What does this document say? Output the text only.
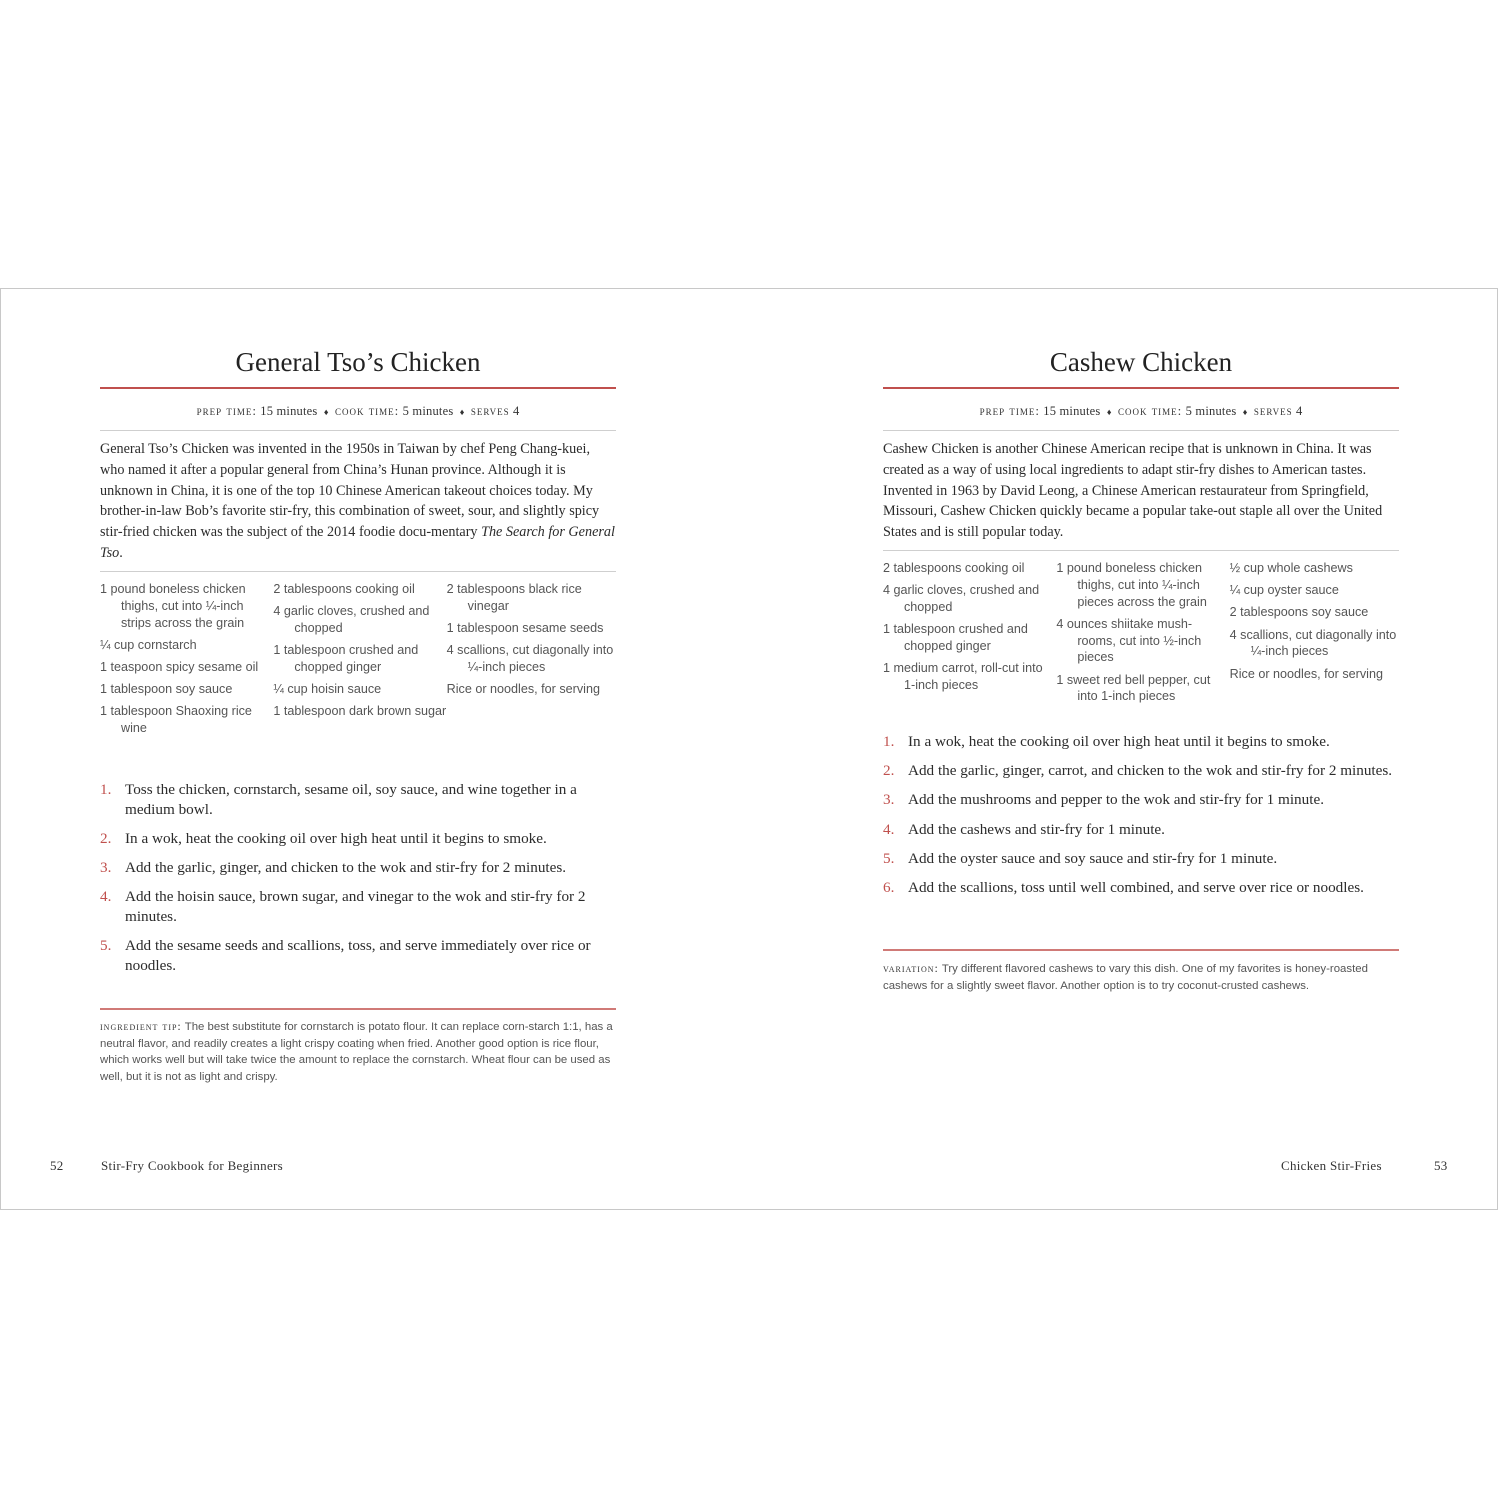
General Tso’s Chicken
prep time: 15 minutes ♦ cook time: 5 minutes ♦ serves 4
General Tso’s Chicken was invented in the 1950s in Taiwan by chef Peng Chang-kuei, who named it after a popular general from China’s Hunan province. Although it is unknown in China, it is one of the top 10 Chinese American takeout choices today. My brother-in-law Bob’s favorite stir-fry, this combination of sweet, sour, and slightly spicy stir-fried chicken was the subject of the 2014 foodie docu-mentary The Search for General Tso.
1 pound boneless chicken thighs, cut into ¼-inch strips across the grain
¼ cup cornstarch
1 teaspoon spicy sesame oil
1 tablespoon soy sauce
1 tablespoon Shaoxing rice wine
2 tablespoons cooking oil
4 garlic cloves, crushed and chopped
1 tablespoon crushed and chopped ginger
¼ cup hoisin sauce
1 tablespoon dark brown sugar
2 tablespoons black rice vinegar
1 tablespoon sesame seeds
4 scallions, cut diagonally into ¼-inch pieces
Rice or noodles, for serving
1. Toss the chicken, cornstarch, sesame oil, soy sauce, and wine together in a medium bowl.
2. In a wok, heat the cooking oil over high heat until it begins to smoke.
3. Add the garlic, ginger, and chicken to the wok and stir-fry for 2 minutes.
4. Add the hoisin sauce, brown sugar, and vinegar to the wok and stir-fry for 2 minutes.
5. Add the sesame seeds and scallions, toss, and serve immediately over rice or noodles.
ingredient tip: The best substitute for cornstarch is potato flour. It can replace corn-starch 1:1, has a neutral flavor, and readily creates a light crispy coating when fried. Another good option is rice flour, which works well but will take twice the amount to replace the cornstarch. Wheat flour can be used as well, but it is not as light and crispy.
Cashew Chicken
prep time: 15 minutes ♦ cook time: 5 minutes ♦ serves 4
Cashew Chicken is another Chinese American recipe that is unknown in China. It was created as a way of using local ingredients to adapt stir-fry dishes to American tastes. Invented in 1963 by David Leong, a Chinese American restaurateur from Springfield, Missouri, Cashew Chicken quickly became a popular take-out staple all over the United States and is still popular today.
2 tablespoons cooking oil
4 garlic cloves, crushed and chopped
1 tablespoon crushed and chopped ginger
1 medium carrot, roll-cut into 1-inch pieces
1 pound boneless chicken thighs, cut into ¼-inch pieces across the grain
4 ounces shiitake mush-rooms, cut into ½-inch pieces
1 sweet red bell pepper, cut into 1-inch pieces
½ cup whole cashews
¼ cup oyster sauce
2 tablespoons soy sauce
4 scallions, cut diagonally into ¼-inch pieces
Rice or noodles, for serving
1. In a wok, heat the cooking oil over high heat until it begins to smoke.
2. Add the garlic, ginger, carrot, and chicken to the wok and stir-fry for 2 minutes.
3. Add the mushrooms and pepper to the wok and stir-fry for 1 minute.
4. Add the cashews and stir-fry for 1 minute.
5. Add the oyster sauce and soy sauce and stir-fry for 1 minute.
6. Add the scallions, toss until well combined, and serve over rice or noodles.
variation: Try different flavored cashews to vary this dish. One of my favorites is honey-roasted cashews for a slightly sweet flavor. Another option is to try coconut-crusted cashews.
52	Stir-Fry Cookbook for Beginners	Chicken Stir-Fries	53
